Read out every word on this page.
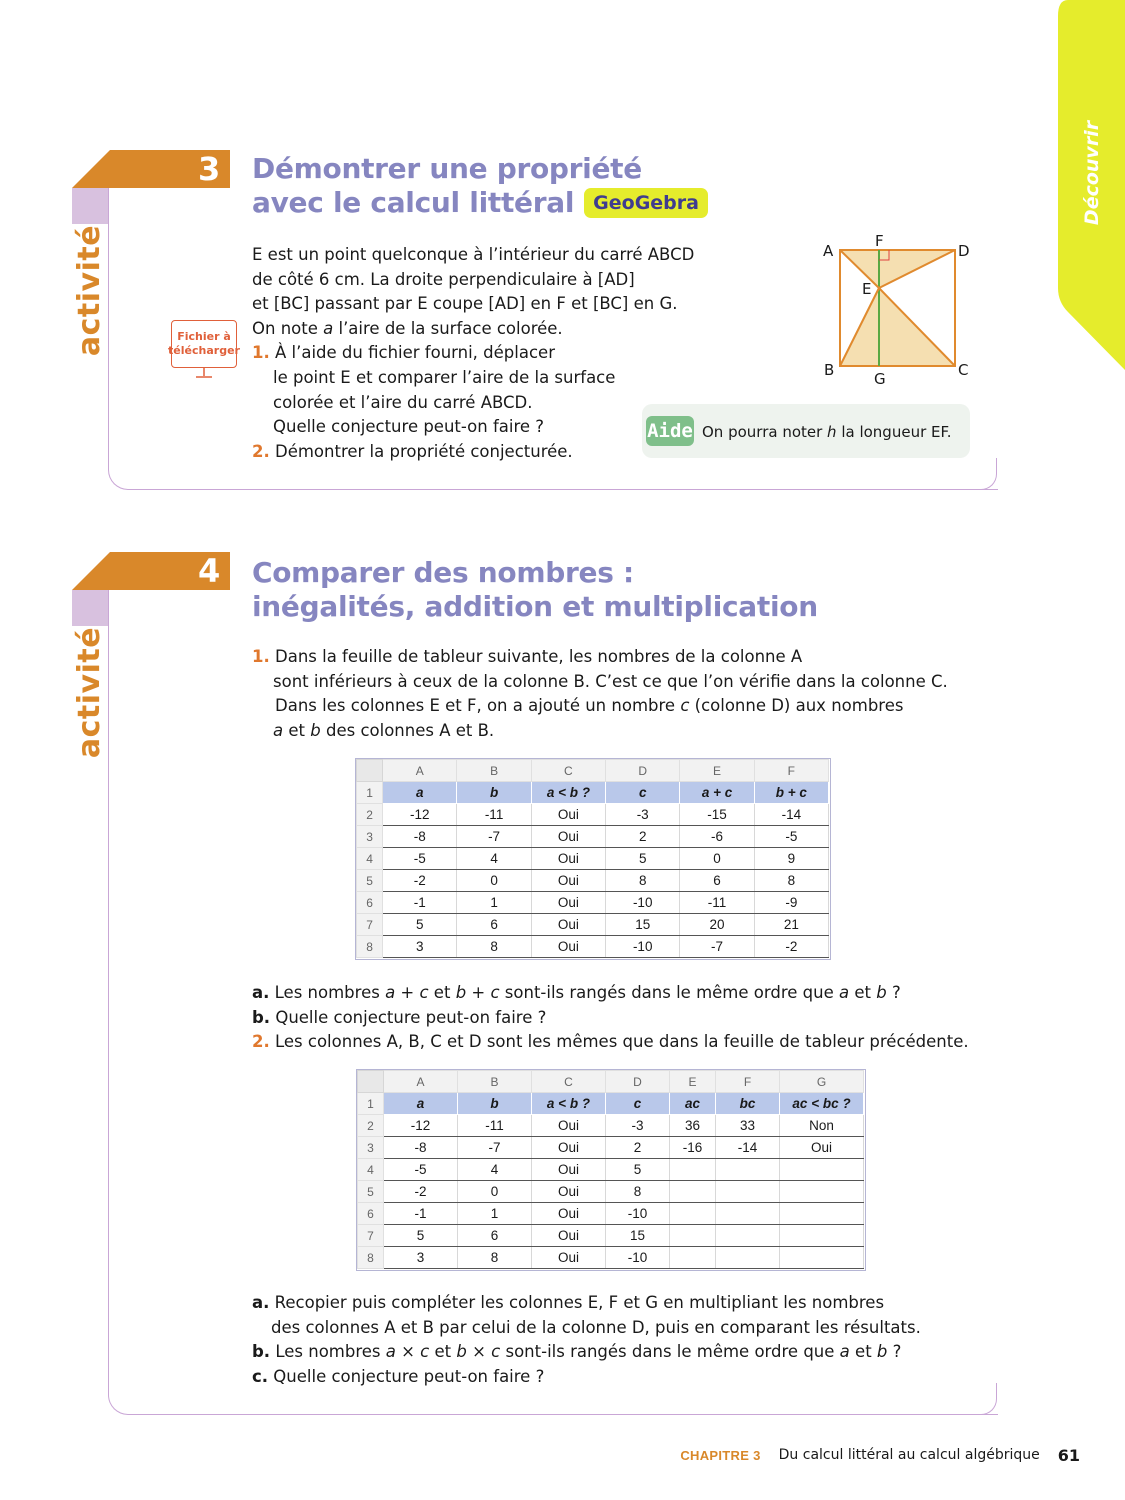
Découvrir
3
activité
Démontrer une propriété
avec le calcul littéral GeoGebra
Fichier à
télécharger
E est un point quelconque à l’intérieur du carré ABCD
de côté 6 cm. La droite perpendiculaire à [AD]
et [BC] passant par E coupe [AD] en F et [BC] en G.
On note a l’aire de la surface colorée.
1. À l’aide du fichier fourni, déplacer
le point E et comparer l’aire de la surface
colorée et l’aire du carré ABCD.
Quelle conjecture peut-on faire ?
2. Démontrer la propriété conjecturée.
A
F
D
E
B	G	C
Aide On pourra noter h la longueur EF.
4
activité
Comparer des nombres :
inégalités, addition et multiplication
1. Dans la feuille de tableur suivante, les nombres de la colonne A
sont inférieurs à ceux de la colonne B. C’est ce que l’on vérifie dans la colonne C.
Dans les colonnes E et F, on a ajouté un nombre c (colonne D) aux nombres
a et b des colonnes A et B.
	A	B	C	D	E	F
1	a	b	a < b ?	c	a + c	b + c
2	-12	-11	Oui	-3	-15	-14
3	-8	-7	Oui	2	-6	-5
4	-5	4	Oui	5	0	9
5	-2	0	Oui	8	6	8
6	-1	1	Oui	-10	-11	-9
7	5	6	Oui	15	20	21
8	3	8	Oui	-10	-7	-2
a. Les nombres a + c et b + c sont-ils rangés dans le même ordre que a et b ?
b. Quelle conjecture peut-on faire ?
2. Les colonnes A, B, C et D sont les mêmes que dans la feuille de tableur précédente.
	A	B	C	D	E	F	G
1	a	b	a < b ?	c	ac	bc	ac < bc ?
2	-12	-11	Oui	-3	36	33	Non
3	-8	-7	Oui	2	-16	-14	Oui
4	-5	4	Oui	5			
5	-2	0	Oui	8			
6	-1	1	Oui	-10			
7	5	6	Oui	15			
8	3	8	Oui	-10			
a. Recopier puis compléter les colonnes E, F et G en multipliant les nombres
des colonnes A et B par celui de la colonne D, puis en comparant les résultats.
b. Les nombres a × c et b × c sont-ils rangés dans le même ordre que a et b ?
c. Quelle conjecture peut-on faire ?
CHAPITRE 3 Du calcul littéral au calcul algébrique 61
